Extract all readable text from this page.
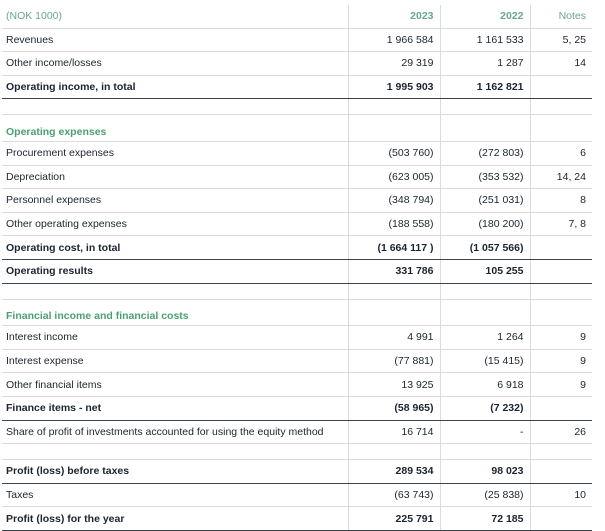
(NOK 1000)	2023	2022	Notes
Revenues	1 966 584	1 161 533	5, 25
Other income/losses	29 319	1 287	14
Operating income, in total	1 995 903	1 162 821	

Operating expenses			
Procurement expenses	(503 760)	(272 803)	6
Depreciation	(623 005)	(353 532)	14, 24
Personnel expenses	(348 794)	(251 031)	8
Other operating expenses	(188 558)	(180 200)	7, 8
Operating cost, in total	(1 664 117 )	(1 057 566)	
Operating results	331 786	105 255	

Financial income and financial costs			
Interest income	4 991	1 264	9
Interest expense	(77 881)	(15 415)	9
Other financial items	13 925	6 918	9
Finance items - net	(58 965)	(7 232)	
Share of profit of investments accounted for using the equity method	16 714	-	26

Profit (loss) before taxes	289 534	98 023	
Taxes	(63 743)	(25 838)	10
Profit (loss) for the year	225 791	72 185	
